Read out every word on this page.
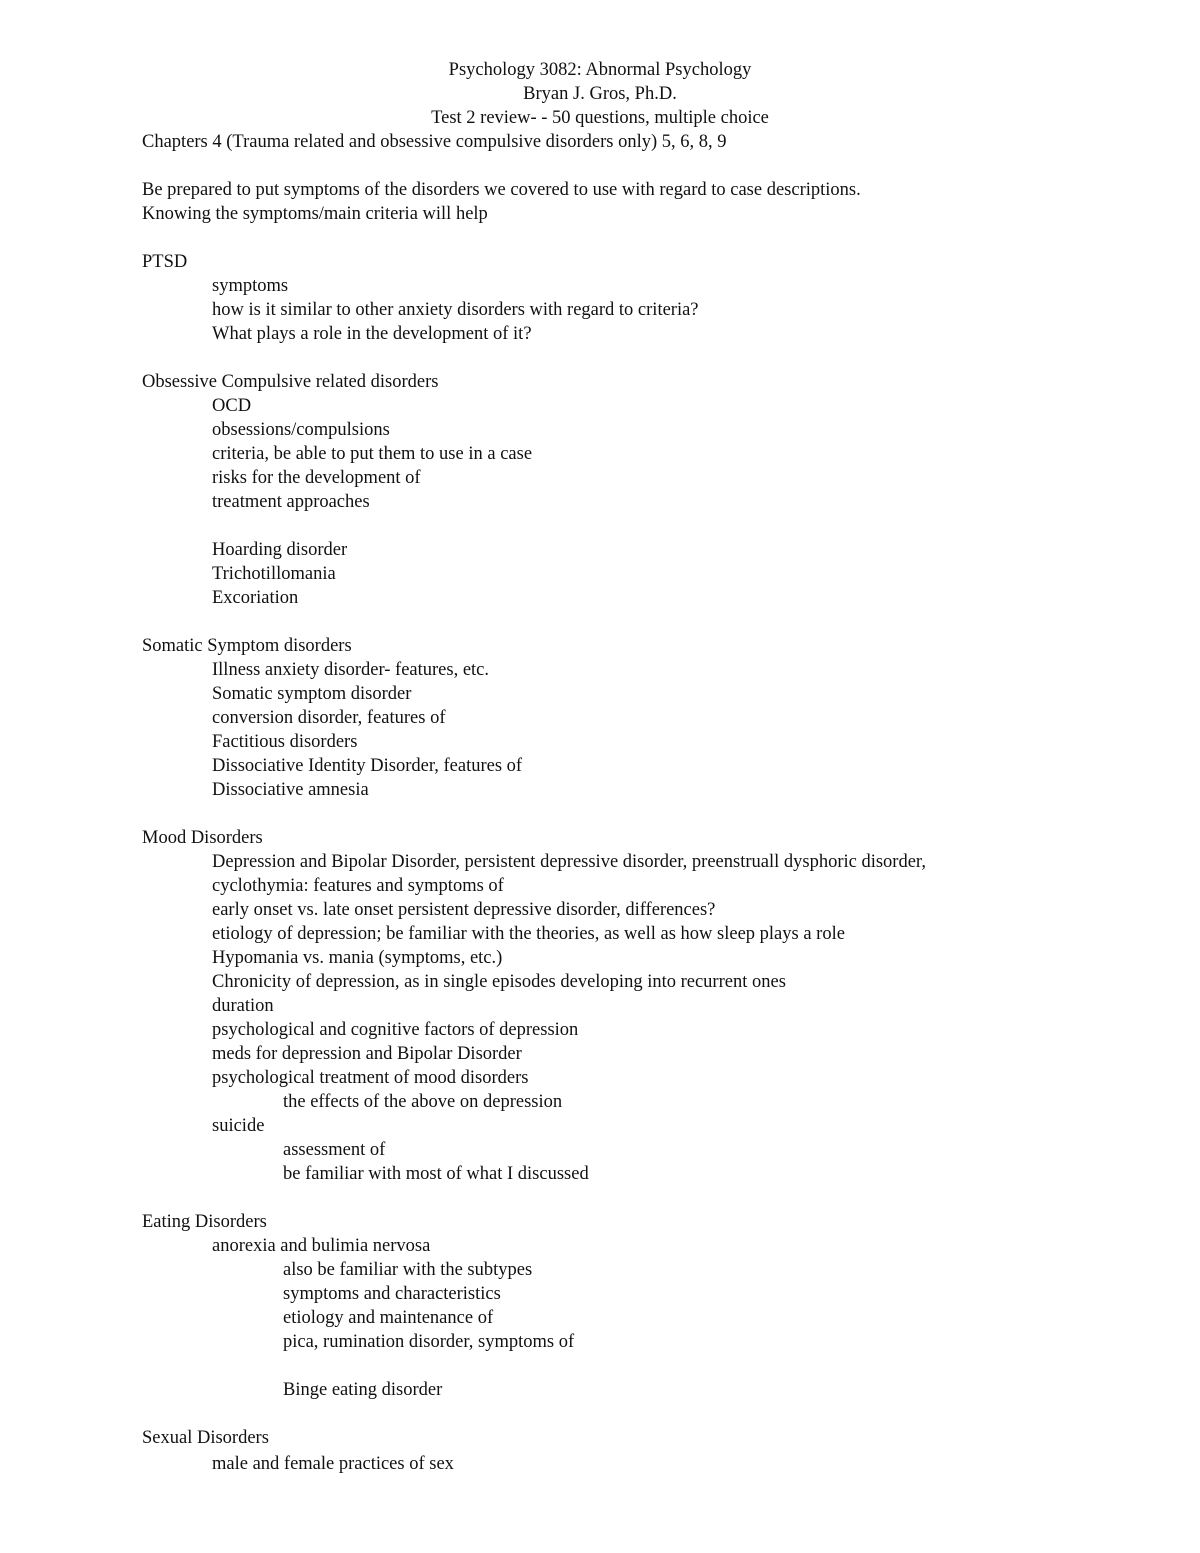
Psychology 3082: Abnormal Psychology
Bryan J. Gros, Ph.D.
Test 2 review- - 50 questions, multiple choice
Chapters 4 (Trauma related and obsessive compulsive disorders only) 5, 6, 8, 9
Be prepared to put symptoms of the disorders we covered to use with regard to case descriptions.
Knowing the symptoms/main criteria will help
PTSD
symptoms
how is it similar to other anxiety disorders with regard to criteria?
What plays a role in the development of it?
Obsessive Compulsive related disorders
OCD
obsessions/compulsions
criteria, be able to put them to use in a case
risks for the development of
treatment approaches
Hoarding disorder
Trichotillomania
Excoriation
Somatic Symptom disorders
Illness anxiety disorder- features, etc.
Somatic symptom disorder
conversion disorder, features of
Factitious disorders
Dissociative Identity Disorder, features of
Dissociative amnesia
Mood Disorders
Depression and Bipolar Disorder, persistent depressive disorder, preenstruall dysphoric disorder,
cyclothymia: features and symptoms of
early onset vs. late onset persistent depressive disorder, differences?
etiology of depression; be familiar with the theories, as well as how sleep plays a role
Hypomania vs. mania (symptoms, etc.)
Chronicity of depression, as in single episodes developing into recurrent ones
duration
psychological and cognitive factors of depression
meds for depression and Bipolar Disorder
psychological treatment of mood disorders
the effects of the above on depression
suicide
assessment of
be familiar with most of what I discussed
Eating Disorders
anorexia and bulimia nervosa
also be familiar with the subtypes
symptoms and characteristics
etiology and maintenance of
pica, rumination disorder, symptoms of
Binge eating disorder
Sexual Disorders
male and female practices of sex
